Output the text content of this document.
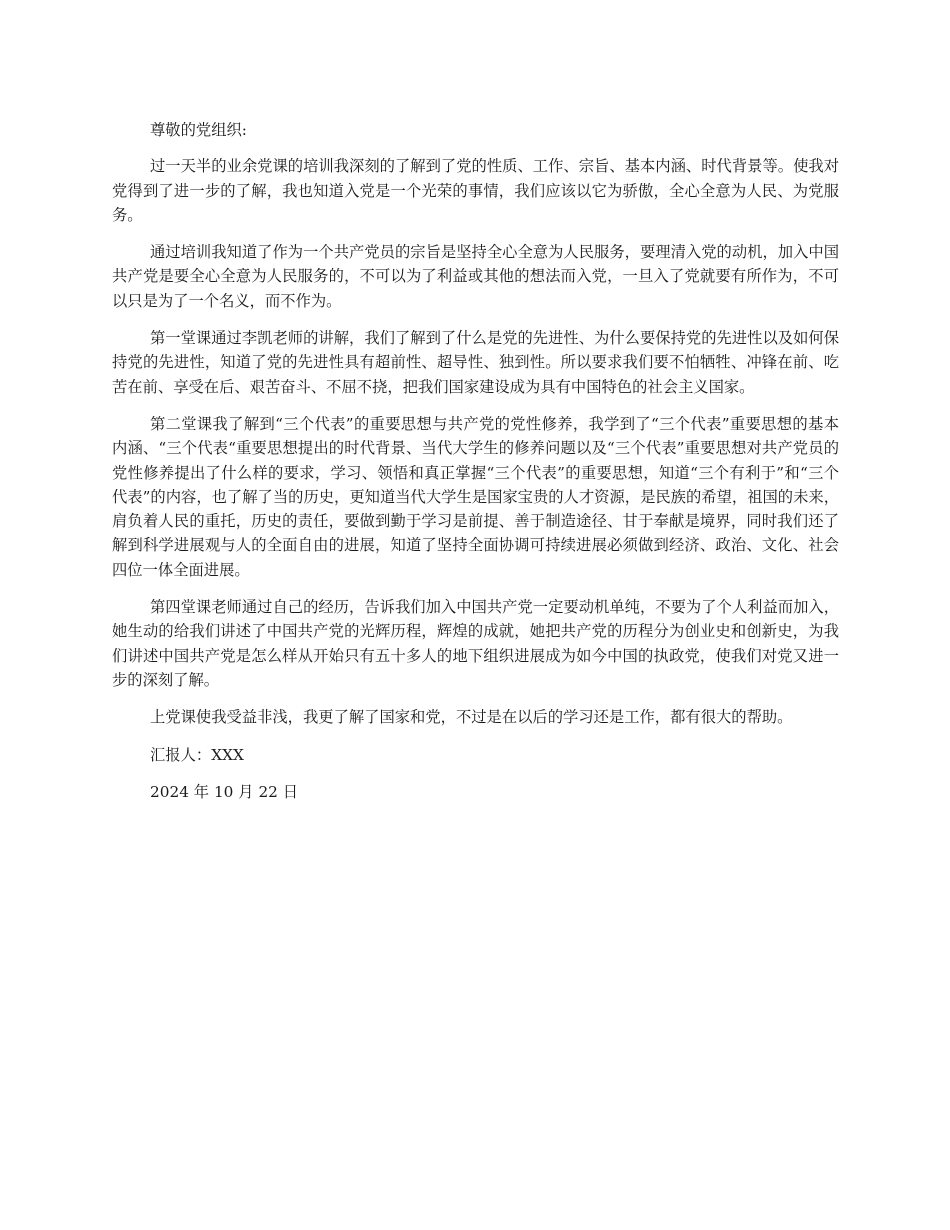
尊敬的党组织:

过一天半的业余党课的培训我深刻的了解到了党的性质、工作、宗旨、基本内涵、时代背景等。使我对党得到了进一步的了解，我也知道入党是一个光荣的事情，我们应该以它为骄傲，全心全意为人民、为党服务。

通过培训我知道了作为一个共产党员的宗旨是坚持全心全意为人民服务，要理清入党的动机，加入中国共产党是要全心全意为人民服务的，不可以为了利益或其他的想法而入党，一旦入了党就要有所作为，不可以只是为了一个名义，而不作为。

第一堂课通过李凯老师的讲解，我们了解到了什么是党的先进性、为什么要保持党的先进性以及如何保持党的先进性，知道了党的先进性具有超前性、超导性、独到性。所以要求我们要不怕牺牲、冲锋在前、吃苦在前、享受在后、艰苦奋斗、不屈不挠，把我们国家建设成为具有中国特色的社会主义国家。

第二堂课我了解到“三个代表”的重要思想与共产党的党性修养，我学到了“三个代表”重要思想的基本内涵、“三个代表“重要思想提出的时代背景、当代大学生的修养问题以及“三个代表”重要思想对共产党员的党性修养提出了什么样的要求，学习、领悟和真正掌握“三个代表”的重要思想，知道“三个有利于”和“三个代表”的内容，也了解了当的历史，更知道当代大学生是国家宝贵的人才资源，是民族的希望，祖国的未来，肩负着人民的重托，历史的责任，要做到勤于学习是前提、善于制造途径、甘于奉献是境界，同时我们还了解到科学进展观与人的全面自由的进展，知道了坚持全面协调可持续进展必须做到经济、政治、文化、社会四位一体全面进展。

第四堂课老师通过自己的经历，告诉我们加入中国共产党一定要动机单纯，不要为了个人利益而加入，她生动的给我们讲述了中国共产党的光辉历程，辉煌的成就，她把共产党的历程分为创业史和创新史，为我们讲述中国共产党是怎么样从开始只有五十多人的地下组织进展成为如今中国的执政党，使我们对党又进一步的深刻了解。

上党课使我受益非浅，我更了解了国家和党，不过是在以后的学习还是工作，都有很大的帮助。

汇报人：XXX

2024 年 10 月 22 日
